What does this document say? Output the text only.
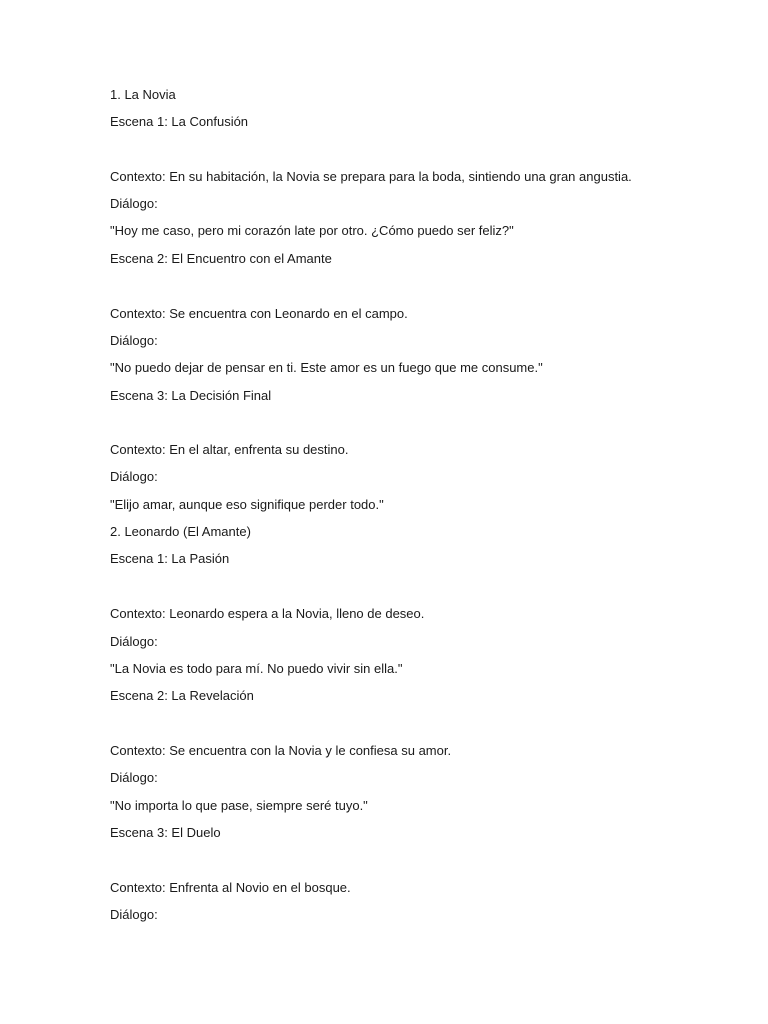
1. La Novia
Escena 1: La Confusión
Contexto: En su habitación, la Novia se prepara para la boda, sintiendo una gran angustia.
Diálogo:
"Hoy me caso, pero mi corazón late por otro. ¿Cómo puedo ser feliz?"
Escena 2: El Encuentro con el Amante
Contexto: Se encuentra con Leonardo en el campo.
Diálogo:
"No puedo dejar de pensar en ti. Este amor es un fuego que me consume."
Escena 3: La Decisión Final
Contexto: En el altar, enfrenta su destino.
Diálogo:
"Elijo amar, aunque eso signifique perder todo."
2. Leonardo (El Amante)
Escena 1: La Pasión
Contexto: Leonardo espera a la Novia, lleno de deseo.
Diálogo:
"La Novia es todo para mí. No puedo vivir sin ella."
Escena 2: La Revelación
Contexto: Se encuentra con la Novia y le confiesa su amor.
Diálogo:
"No importa lo que pase, siempre seré tuyo."
Escena 3: El Duelo
Contexto: Enfrenta al Novio en el bosque.
Diálogo:
